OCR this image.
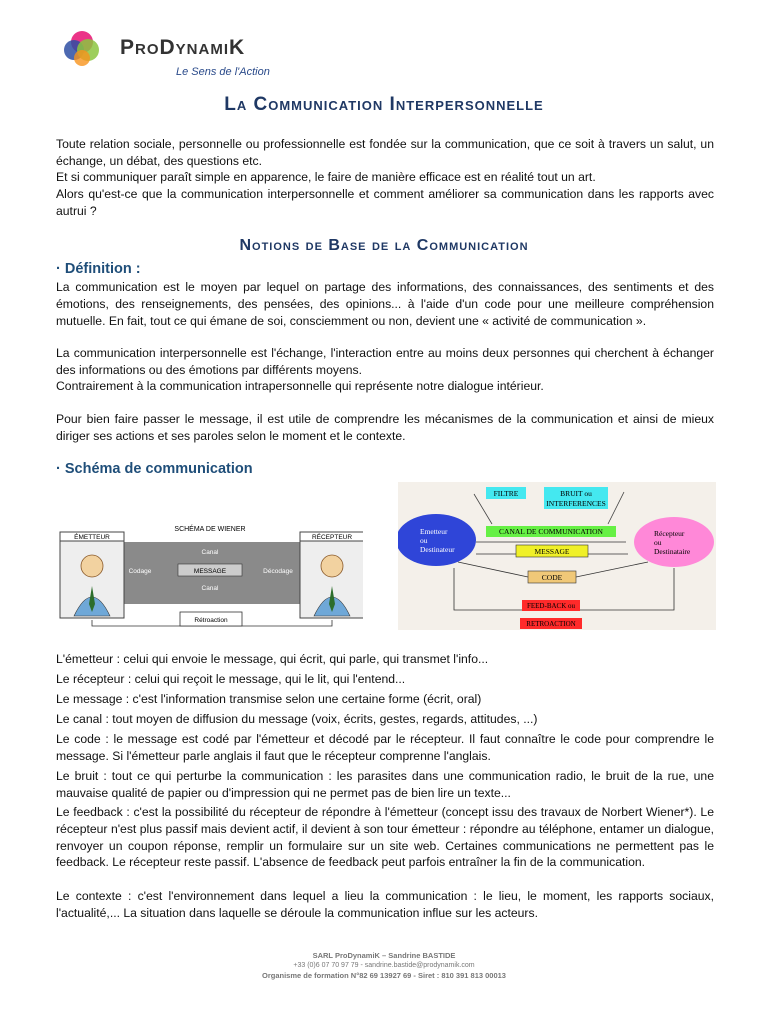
ProDynamiK
Le Sens de l'Action
La Communication Interpersonnelle
Toute relation sociale, personnelle ou professionnelle est fondée sur la communication, que ce soit à travers un salut, un échange, un débat, des questions etc.
Et si communiquer paraît simple en apparence, le faire de manière efficace est en réalité tout un art.
Alors qu'est-ce que la communication interpersonnelle et comment améliorer sa communication dans les rapports avec autrui ?
Notions de Base de la Communication
· Définition :
La communication est le moyen par lequel on partage des informations, des connaissances, des sentiments et des émotions, des renseignements, des pensées, des opinions... à l'aide d'un code pour une meilleure compréhension mutuelle. En fait, tout ce qui émane de soi, consciemment ou non, devient une « activité de communication ».
La communication interpersonnelle est l'échange, l'interaction entre au moins deux personnes qui cherchent à échanger des informations ou des émotions par différents moyens.
Contrairement à la communication intrapersonnelle qui représente notre dialogue intérieur.
Pour bien faire passer le message, il est utile de comprendre les mécanismes de la communication et ainsi de mieux diriger ses actions et ses paroles selon le moment et le contexte.
· Schéma de communication
SCHÉMA DE WIENER
ÉMETTEUR	RÉCEPTEUR
Canal
Canal
Codage	Décodage
MESSAGE
Rétroaction
FILTRE	BRUIT ou
INTERFERENCES
Emetteur
ou
Destinateur
CANAL DE COMMUNICATION
MESSAGE
CODE
Récepteur
ou
Destinataire
FEED-BACK ou
RETROACTION
L'émetteur : celui qui envoie le message, qui écrit, qui parle, qui transmet l'info...
Le récepteur : celui qui reçoit le message, qui le lit, qui l'entend...
Le message : c'est l'information transmise selon une certaine forme (écrit, oral)
Le canal : tout moyen de diffusion du message (voix, écrits, gestes, regards, attitudes, ...)
Le code : le message est codé par l'émetteur et décodé par le récepteur. Il faut connaître le code pour comprendre le message. Si l'émetteur parle anglais il faut que le récepteur comprenne l'anglais.
Le bruit : tout ce qui perturbe la communication : les parasites dans une communication radio, le bruit de la rue, une mauvaise qualité de papier ou d'impression qui ne permet pas de bien lire un texte...
Le feedback : c'est la possibilité du récepteur de répondre à l'émetteur (concept issu des travaux de Norbert Wiener*). Le récepteur n'est plus passif mais devient actif, il devient à son tour émetteur : répondre au téléphone, entamer un dialogue, renvoyer un coupon réponse, remplir un formulaire sur un site web. Certaines communications ne permettent pas le feedback. Le récepteur reste passif. L'absence de feedback peut parfois entraîner la fin de la communication.
Le contexte : c'est l'environnement dans lequel a lieu la communication : le lieu, le moment, les rapports sociaux, l'actualité,... La situation dans laquelle se déroule la communication influe sur les acteurs.
SARL ProDynamiK – Sandrine BASTIDE
+33 (0)6 07 70 97 79 - sandrine.bastide@prodynamik.com
Organisme de formation N°82 69 13927 69 - Siret : 810 391 813 00013
